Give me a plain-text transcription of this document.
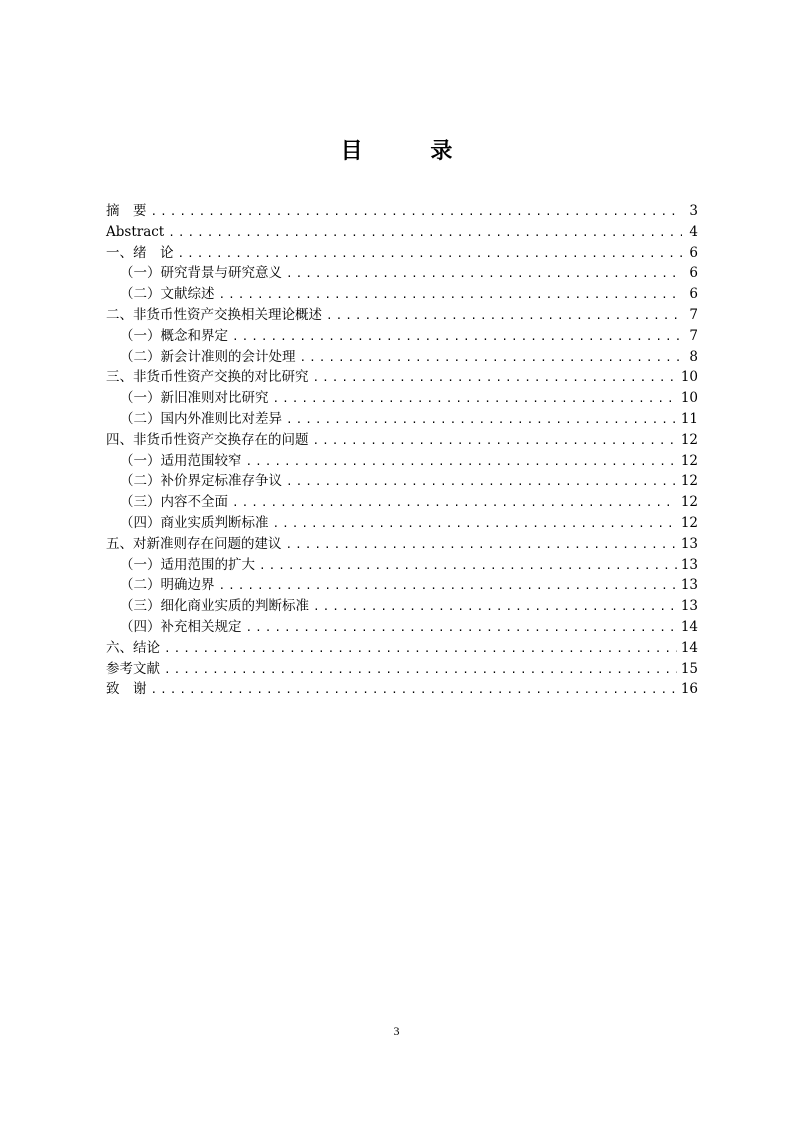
目 录
摘　要 .....	3
Abstract .....	4
一、绪　论 .....	6
（一）研究背景与研究意义 .....	6
（二）文献综述 .....	6
二、非货币性资产交换相关理论概述 .....	7
（一）概念和界定 .....	7
（二）新会计准则的会计处理 .....	8
三、非货币性资产交换的对比研究 .....	10
（一）新旧准则对比研究 .....	10
（二）国内外准则比对差异 .....	11
四、非货币性资产交换存在的问题 .....	12
（一）适用范围较窄 .....	12
（二）补价界定标准存争议 .....	12
（三）内容不全面 .....	12
（四）商业实质判断标准 .....	12
五、对新准则存在问题的建议 .....	13
（一）适用范围的扩大 .....	13
（二）明确边界 .....	13
（三）细化商业实质的判断标准 .....	13
（四）补充相关规定 .....	14
六、结论 .....	14
参考文献 .....	15
致　谢 .....	16
3
